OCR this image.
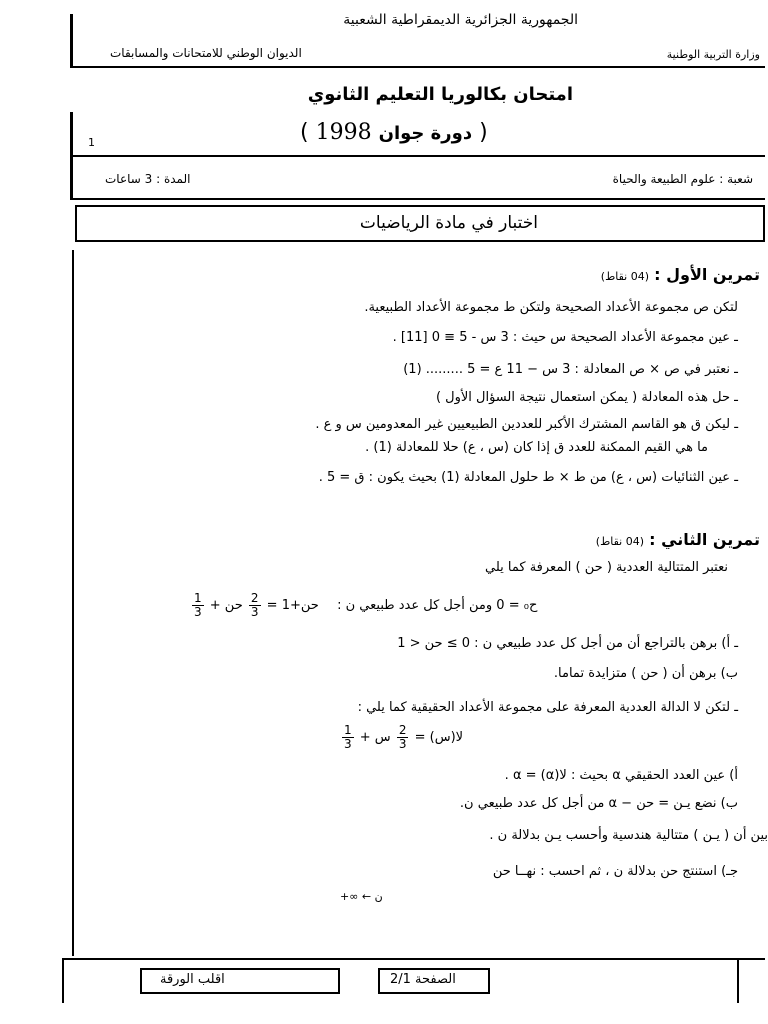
الجمهورية الجزائرية الديمقراطية الشعبية
الديوان الوطني للامتحانات والمسابقات	وزارة التربية الوطنية
امتحان بكالوريا التعليم الثانوي
( 1998 دورة جوان )
1
شعبة : علوم الطبيعة والحياة
المدة : 3 ساعات
اختبار في مادة الرياضيات
تمرين الأول : (04 نقاط)
لتكن ص مجموعة الأعداد الصحيحة ولتكن ط مجموعة الأعداد الطبيعية.
ـ عين مجموعة الأعداد الصحيحة س حيث : 3 س - 5 ≡ 0 [11] .
ـ نعتبر في ص × ص المعادلة : 3 س − 11 ع = 5 ......... (1)
ـ حل هذه المعادلة ( يمكن استعمال نتيجة السؤال الأول )
ـ ليكن ق هو القاسم المشترك الأكبر للعددين الطبيعيين غير المعدومين س و ع .
ما هي القيم الممكنة للعدد ق إذا كان (س ، ع) حلا للمعادلة (1) .
ـ عين الثنائيات (س ، ع) من ط × ط حلول المعادلة (1) بحيث يكون : ق = 5 .
تمرين الثاني : (04 نقاط)
نعتبر المتتالية العددية ( حن ) المعرفة كما يلي
$\frac{1}{3}$ حن + $\frac{2}{3}$ حن+1 = ح₀ = 0 ومن أجل كل عدد طبيعي ن :
ـ أ) برهن بالتراجع أن من أجل كل عدد طبيعي ن : 0 ≥ حن < 1
ب) برهن أن ( حن ) متزايدة تماما.
ـ لتكن لا الدالة العددية المعرفة على مجموعة الأعداد الحقيقية كما يلي :
$\frac{1}{3}$ س + $\frac{2}{3}$ لا(س) =
أ) عين العدد الحقيقي α بحيث : لا(α) = α .
ب) نضع يـن = حن − α من أجل كل عدد طبيعي ن.
بين أن ( يـن ) متتالية هندسية وأحسب يـن بدلالة ن .
جـ) استنتج حن بدلالة ن ، ثم احسب : نهــا حن
ن ← ∞+
اقلب الورقة	الصفحة 2/1
